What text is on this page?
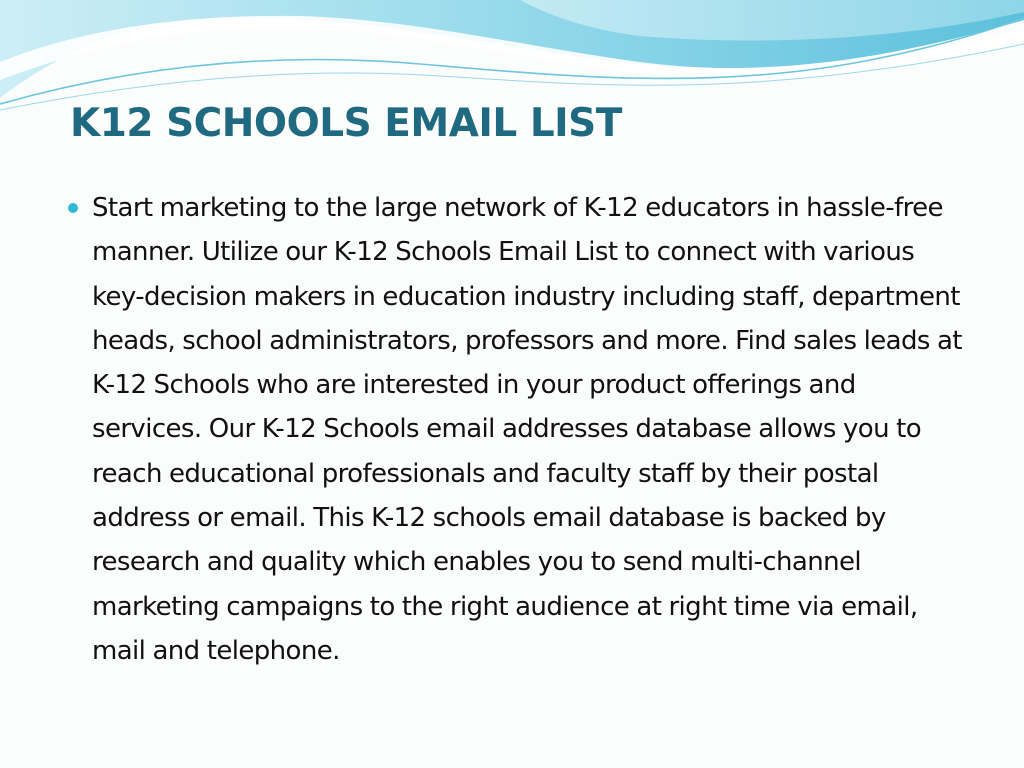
K12 SCHOOLS EMAIL LIST

Start marketing to the large network of K-12 educators in hassle-free manner. Utilize our K-12 Schools Email List to connect with various key-decision makers in education industry including staff, department heads, school administrators, professors and more. Find sales leads at K-12 Schools who are interested in your product offerings and services. Our K-12 Schools email addresses database allows you to reach educational professionals and faculty staff by their postal address or email. This K-12 schools email database is backed by research and quality which enables you to send multi-channel marketing campaigns to the right audience at right time via email, mail and telephone.
